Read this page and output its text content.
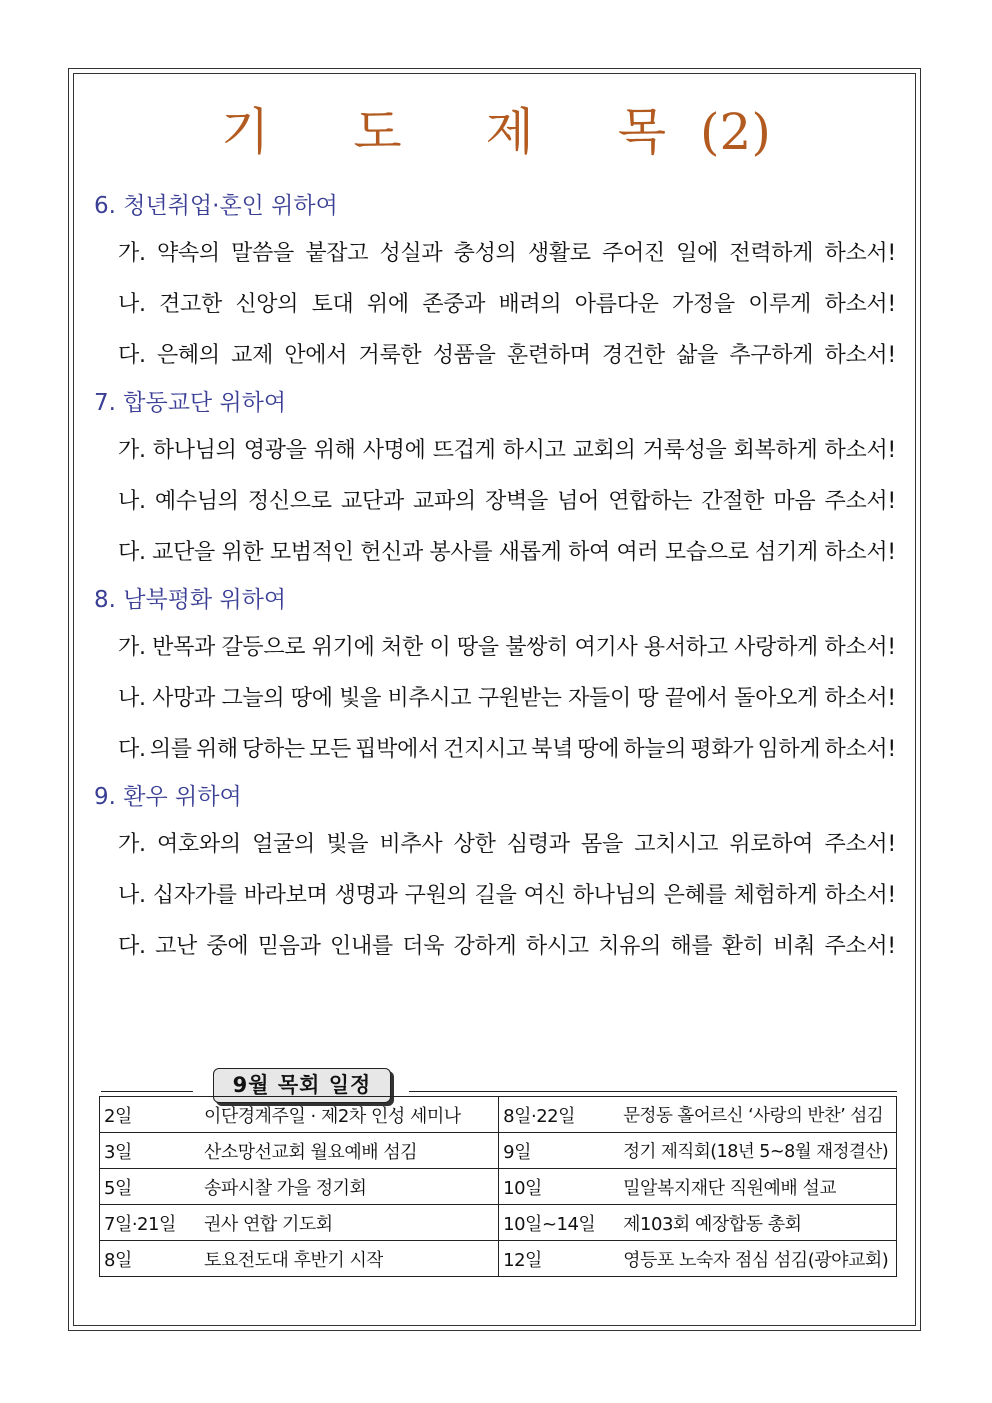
기 도 제 목(2)
6. 청년취업·혼인 위하여
가. 약속의 말씀을 붙잡고 성실과 충성의 생활로 주어진 일에 전력하게 하소서!
나. 견고한 신앙의 토대 위에 존중과 배려의 아름다운 가정을 이루게 하소서!
다. 은혜의 교제 안에서 거룩한 성품을 훈련하며 경건한 삶을 추구하게 하소서!
7. 합동교단 위하여
가. 하나님의 영광을 위해 사명에 뜨겁게 하시고 교회의 거룩성을 회복하게 하소서!
나. 예수님의 정신으로 교단과 교파의 장벽을 넘어 연합하는 간절한 마음 주소서!
다. 교단을 위한 모범적인 헌신과 봉사를 새롭게 하여 여러 모습으로 섬기게 하소서!
8. 남북평화 위하여
가. 반목과 갈등으로 위기에 처한 이 땅을 불쌍히 여기사 용서하고 사랑하게 하소서!
나. 사망과 그늘의 땅에 빛을 비추시고 구원받는 자들이 땅 끝에서 돌아오게 하소서!
다. 의를 위해 당하는 모든 핍박에서 건지시고 북녘 땅에 하늘의 평화가 임하게 하소서!
9. 환우 위하여
가. 여호와의 얼굴의 빛을 비추사 상한 심령과 몸을 고치시고 위로하여 주소서!
나. 십자가를 바라보며 생명과 구원의 길을 여신 하나님의 은혜를 체험하게 하소서!
다. 고난 중에 믿음과 인내를 더욱 강하게 하시고 치유의 해를 환히 비춰 주소서!
9월 목회 일정
2일 이단경계주일 · 제2차 인성 세미나	8일·22일 문정동 홀어르신 ‘사랑의 반찬’ 섬김

3일 산소망선교회 월요예배 섬김	9일 정기 제직회(18년 5~8월 재정결산)

5일 송파시찰 가을 정기회	10일 밀알복지재단 직원예배 설교

7일·21일 권사 연합 기도회	10일~14일 제103회 예장합동 총회

8일 토요전도대 후반기 시작	12일 영등포 노숙자 점심 섬김(광야교회)
